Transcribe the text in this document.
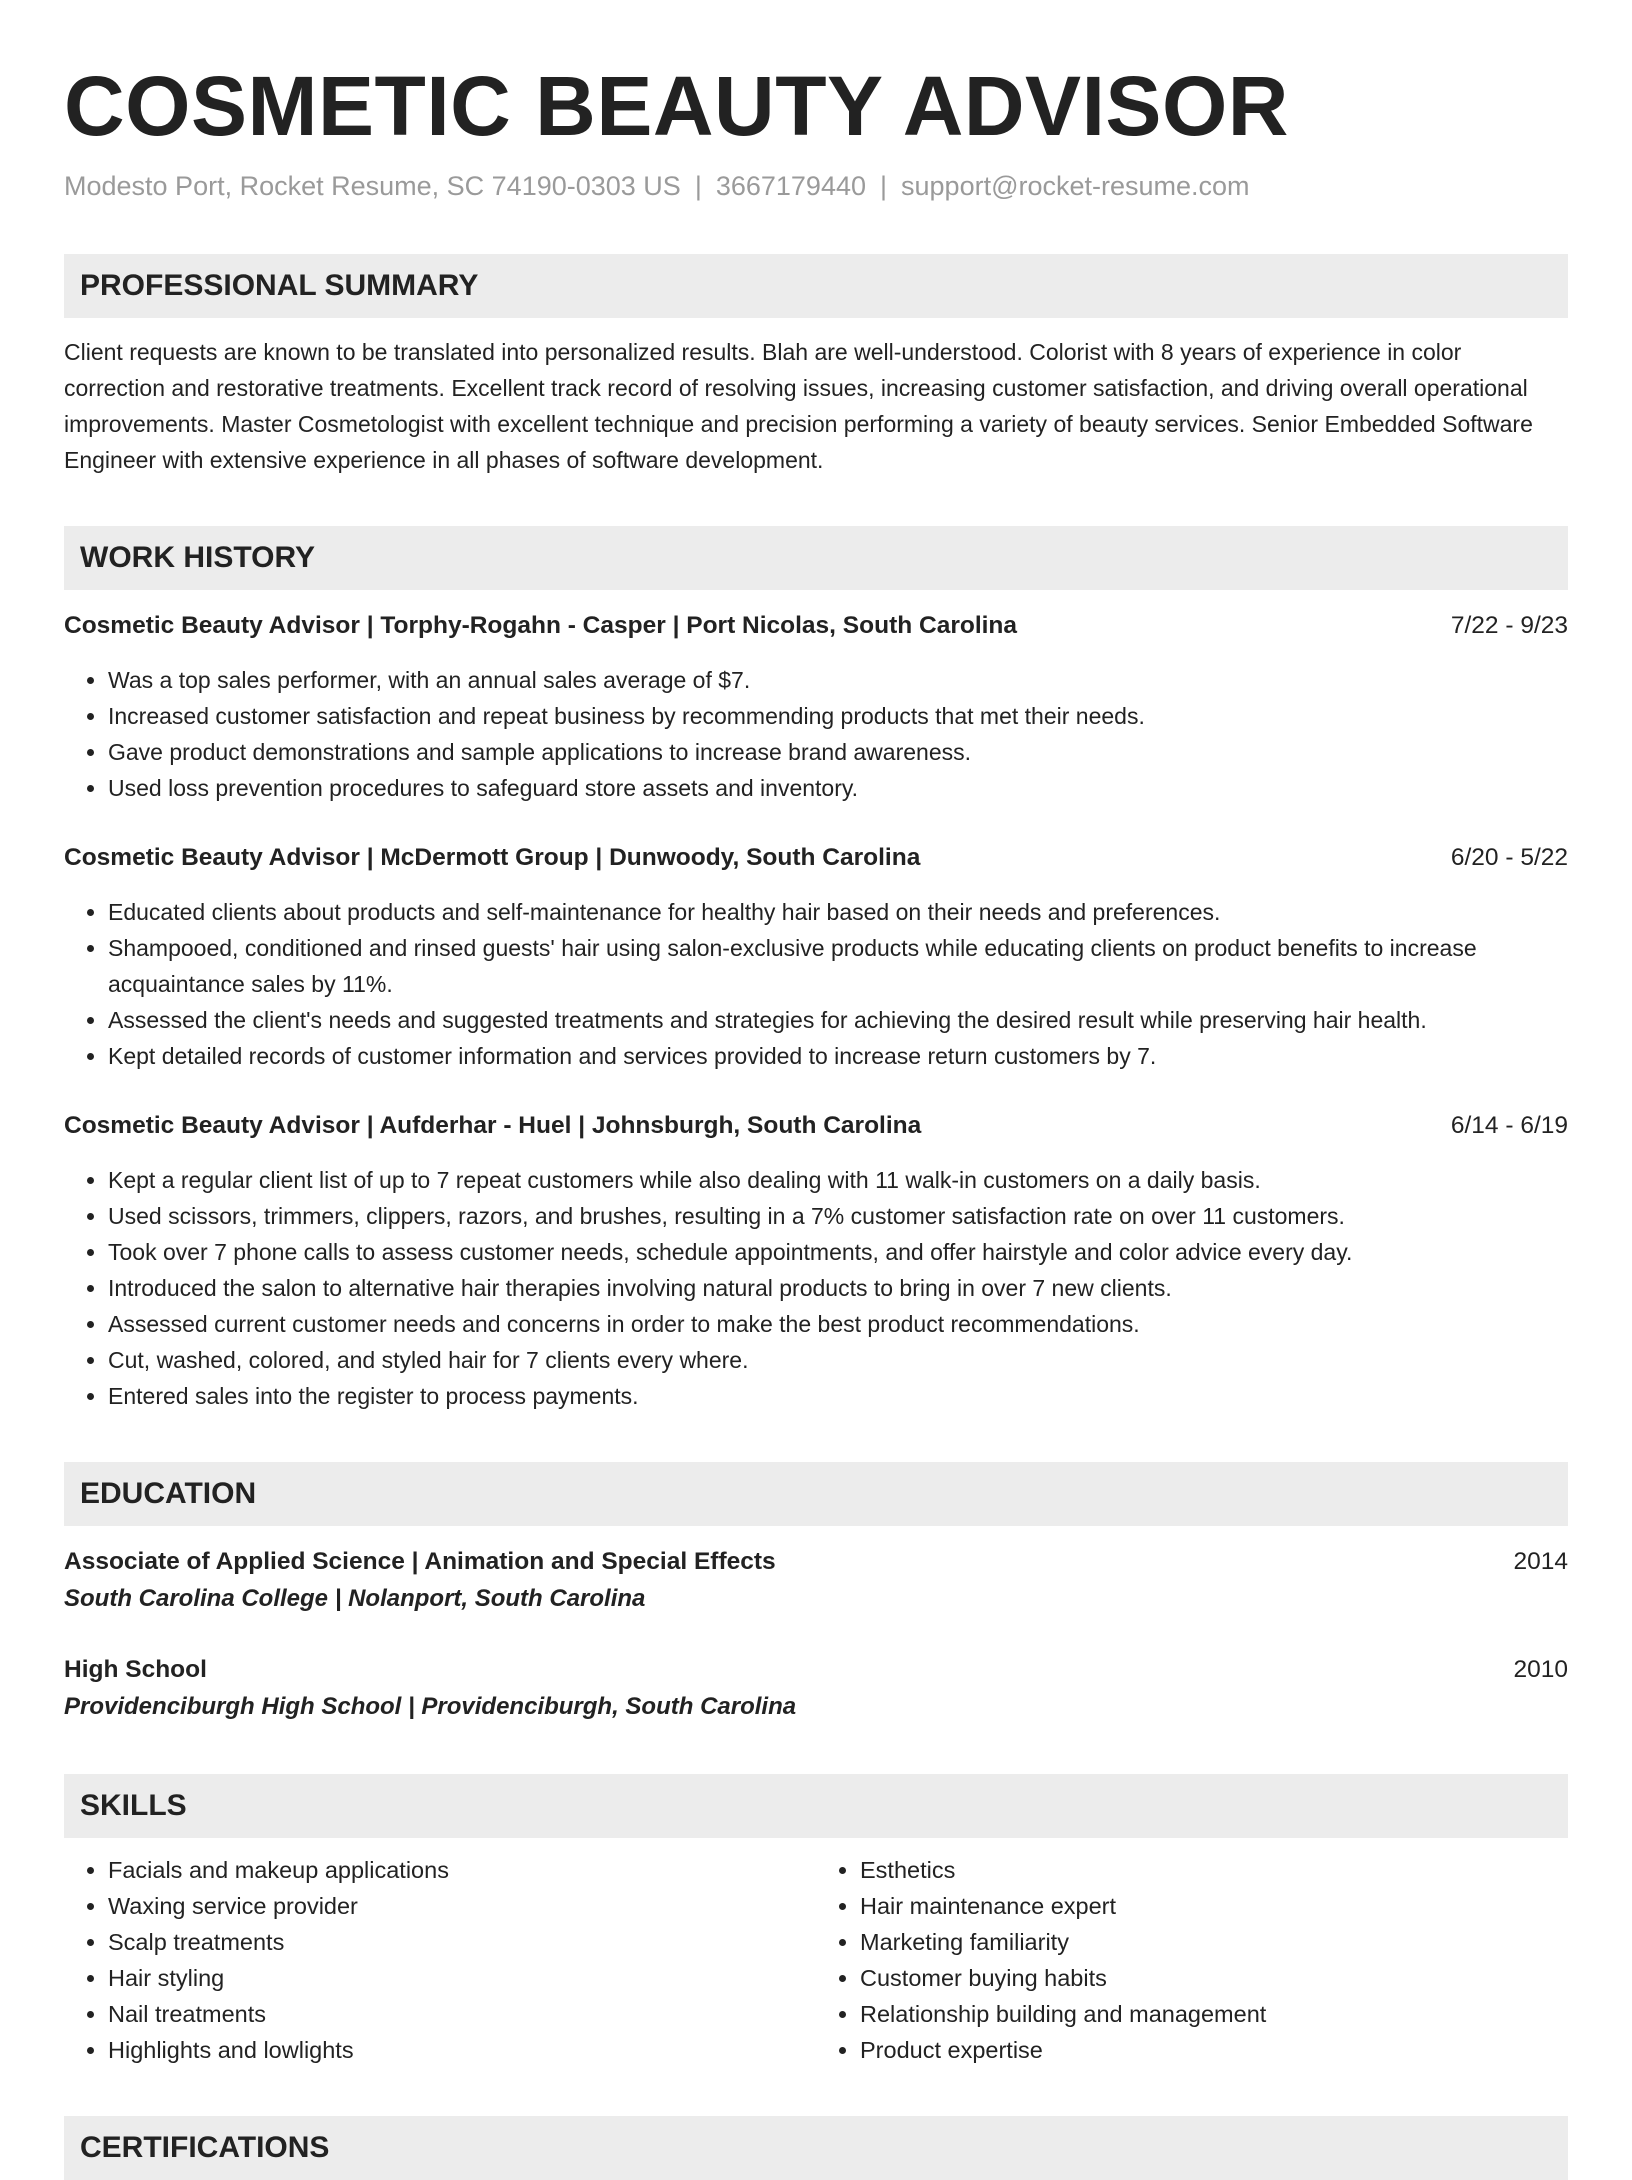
COSMETIC BEAUTY ADVISOR
Modesto Port, Rocket Resume, SC 74190-0303 US | 3667179440 | support@rocket-resume.com
PROFESSIONAL SUMMARY
Client requests are known to be translated into personalized results. Blah are well-understood. Colorist with 8 years of experience in color correction and restorative treatments. Excellent track record of resolving issues, increasing customer satisfaction, and driving overall operational improvements. Master Cosmetologist with excellent technique and precision performing a variety of beauty services. Senior Embedded Software Engineer with extensive experience in all phases of software development.
WORK HISTORY
Cosmetic Beauty Advisor | Torphy-Rogahn - Casper | Port Nicolas, South Carolina	7/22 - 9/23
• Was a top sales performer, with an annual sales average of $7.
• Increased customer satisfaction and repeat business by recommending products that met their needs.
• Gave product demonstrations and sample applications to increase brand awareness.
• Used loss prevention procedures to safeguard store assets and inventory.
Cosmetic Beauty Advisor | McDermott Group | Dunwoody, South Carolina	6/20 - 5/22
• Educated clients about products and self-maintenance for healthy hair based on their needs and preferences.
• Shampooed, conditioned and rinsed guests' hair using salon-exclusive products while educating clients on product benefits to increase acquaintance sales by 11%.
• Assessed the client's needs and suggested treatments and strategies for achieving the desired result while preserving hair health.
• Kept detailed records of customer information and services provided to increase return customers by 7.
Cosmetic Beauty Advisor | Aufderhar - Huel | Johnsburgh, South Carolina	6/14 - 6/19
• Kept a regular client list of up to 7 repeat customers while also dealing with 11 walk-in customers on a daily basis.
• Used scissors, trimmers, clippers, razors, and brushes, resulting in a 7% customer satisfaction rate on over 11 customers.
• Took over 7 phone calls to assess customer needs, schedule appointments, and offer hairstyle and color advice every day.
• Introduced the salon to alternative hair therapies involving natural products to bring in over 7 new clients.
• Assessed current customer needs and concerns in order to make the best product recommendations.
• Cut, washed, colored, and styled hair for 7 clients every where.
• Entered sales into the register to process payments.
EDUCATION
Associate of Applied Science | Animation and Special Effects	2014
South Carolina College | Nolanport, South Carolina
High School	2010
Providenciburgh High School | Providenciburgh, South Carolina
SKILLS
• Facials and makeup applications
• Waxing service provider
• Scalp treatments
• Hair styling
• Nail treatments
• Highlights and lowlights
• Esthetics
• Hair maintenance expert
• Marketing familiarity
• Customer buying habits
• Relationship building and management
• Product expertise
CERTIFICATIONS
